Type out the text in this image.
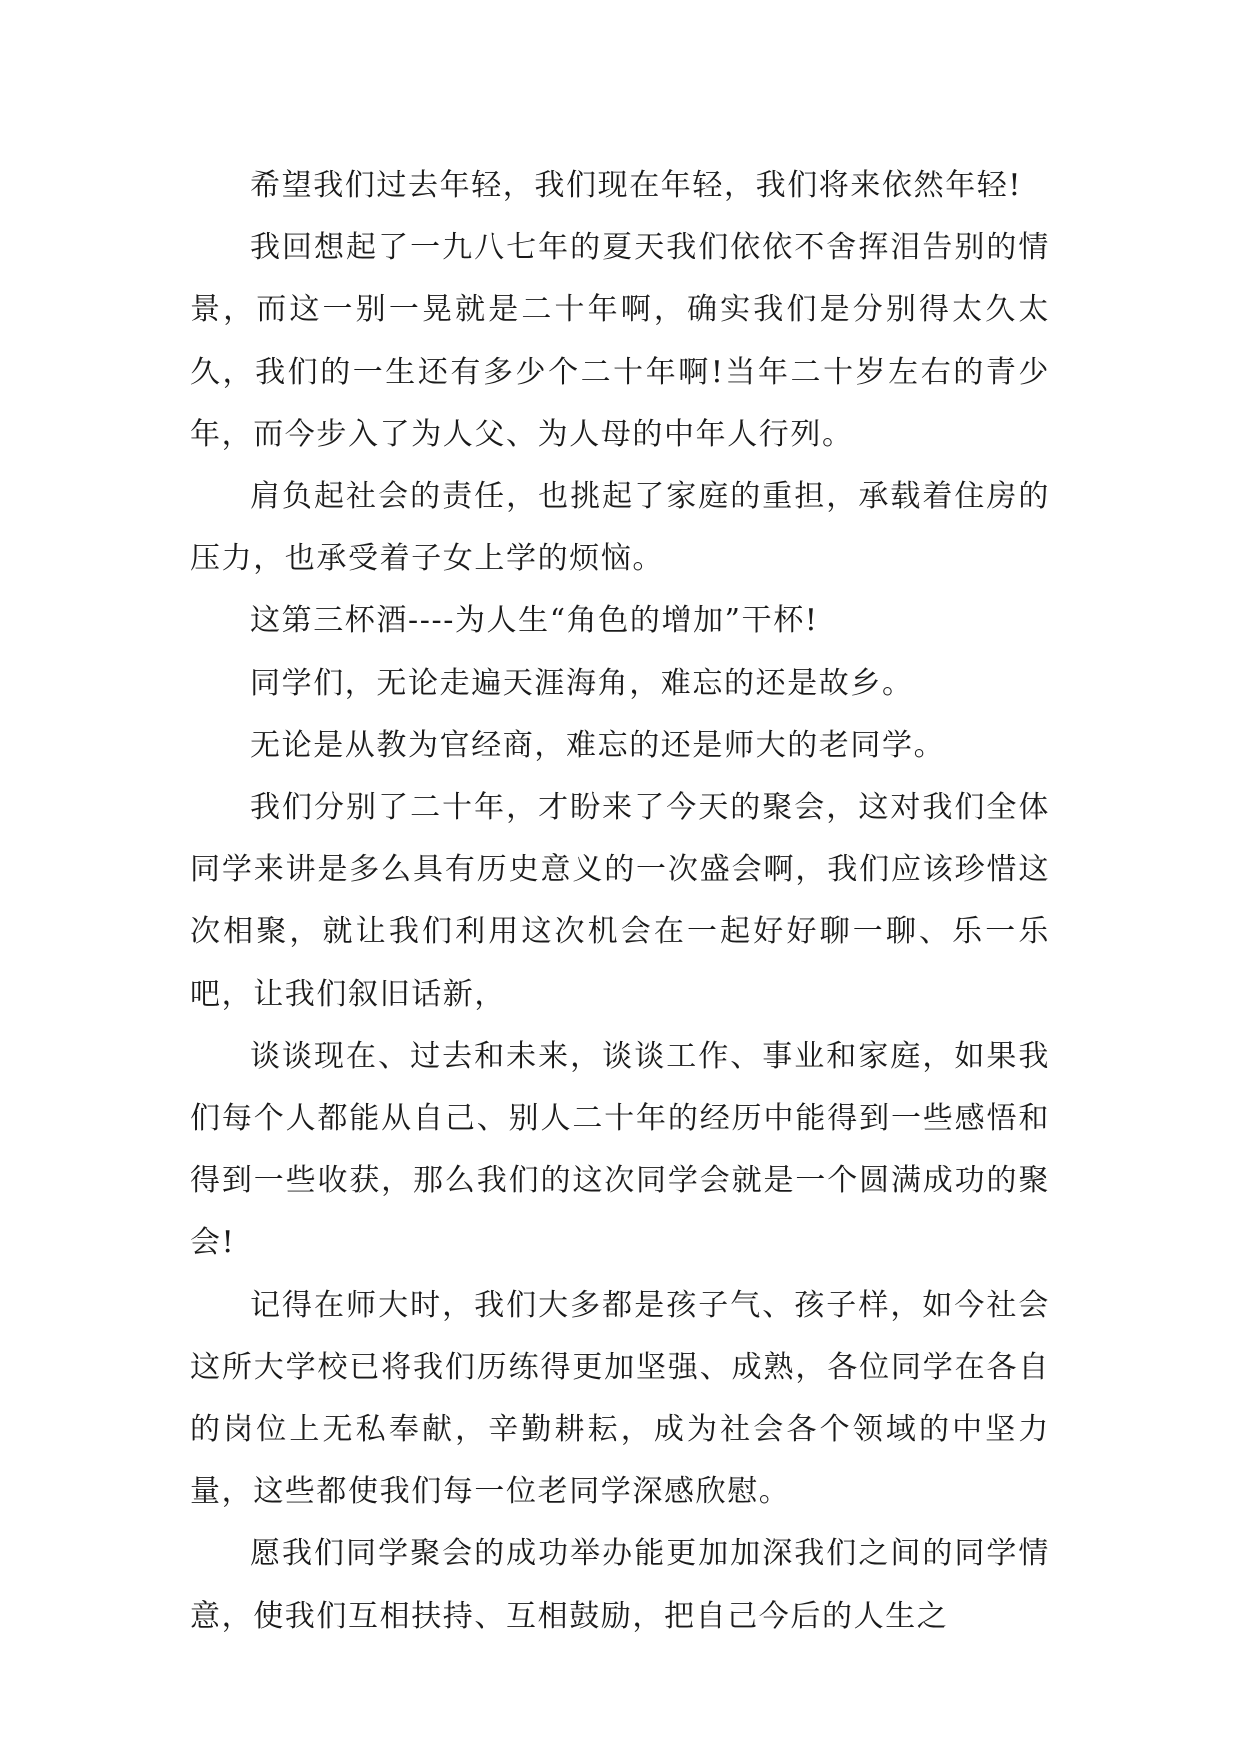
希望我们过去年轻，我们现在年轻，我们将来依然年轻!

我回想起了一九八七年的夏天我们依依不舍挥泪告别的情景，而这一别一晃就是二十年啊，确实我们是分别得太久太久，我们的一生还有多少个二十年啊!当年二十岁左右的青少年，而今步入了为人父、为人母的中年人行列。

肩负起社会的责任，也挑起了家庭的重担，承载着住房的压力，也承受着子女上学的烦恼。

这第三杯酒----为人生“角色的增加”干杯!

同学们，无论走遍天涯海角，难忘的还是故乡。

无论是从教为官经商，难忘的还是师大的老同学。

我们分别了二十年，才盼来了今天的聚会，这对我们全体同学来讲是多么具有历史意义的一次盛会啊，我们应该珍惜这次相聚，就让我们利用这次机会在一起好好聊一聊、乐一乐吧，让我们叙旧话新，

谈谈现在、过去和未来，谈谈工作、事业和家庭，如果我们每个人都能从自己、别人二十年的经历中能得到一些感悟和得到一些收获，那么我们的这次同学会就是一个圆满成功的聚会!

记得在师大时，我们大多都是孩子气、孩子样，如今社会这所大学校已将我们历练得更加坚强、成熟，各位同学在各自的岗位上无私奉献，辛勤耕耘，成为社会各个领域的中坚力量，这些都使我们每一位老同学深感欣慰。

愿我们同学聚会的成功举办能更加加深我们之间的同学情意，使我们互相扶持、互相鼓励，把自己今后的人生之
